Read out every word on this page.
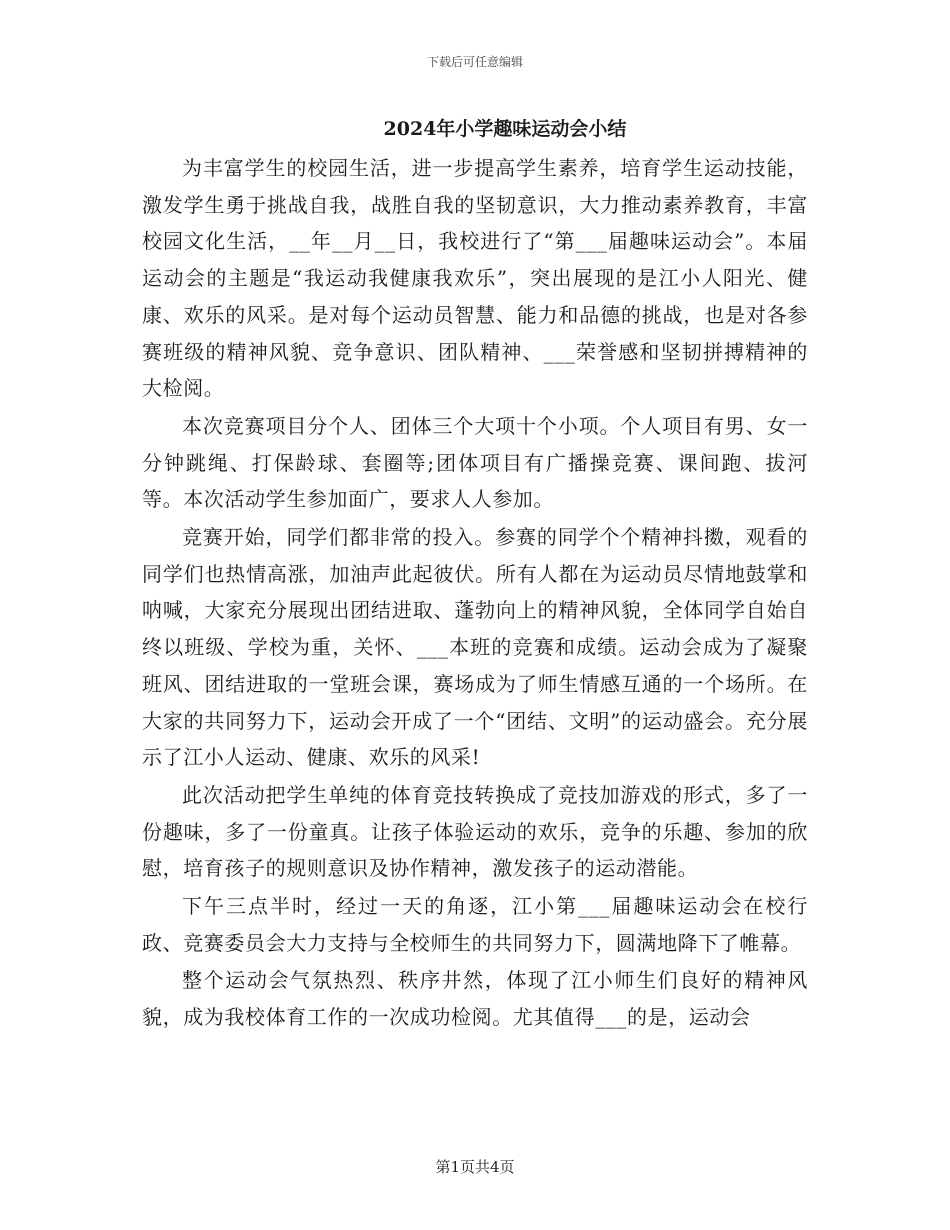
下载后可任意编辑
2024年小学趣味运动会小结

为丰富学生的校园生活，进一步提高学生素养，培育学生运动技能，激发学生勇于挑战自我，战胜自我的坚韧意识，大力推动素养教育，丰富校园文化生活，__年__月__日，我校进行了“第___届趣味运动会”。本届运动会的主题是“我运动我健康我欢乐”，突出展现的是江小人阳光、健康、欢乐的风采。是对每个运动员智慧、能力和品德的挑战，也是对各参赛班级的精神风貌、竞争意识、团队精神、___荣誉感和坚韧拼搏精神的大检阅。

本次竞赛项目分个人、团体三个大项十个小项。个人项目有男、女一分钟跳绳、打保龄球、套圈等;团体项目有广播操竞赛、课间跑、拔河等。本次活动学生参加面广，要求人人参加。

竞赛开始，同学们都非常的投入。参赛的同学个个精神抖擞，观看的同学们也热情高涨，加油声此起彼伏。所有人都在为运动员尽情地鼓掌和呐喊，大家充分展现出团结进取、蓬勃向上的精神风貌，全体同学自始自终以班级、学校为重，关怀、___本班的竞赛和成绩。运动会成为了凝聚班风、团结进取的一堂班会课，赛场成为了师生情感互通的一个场所。在大家的共同努力下，运动会开成了一个“团结、文明”的运动盛会。充分展示了江小人运动、健康、欢乐的风采!

此次活动把学生单纯的体育竞技转换成了竞技加游戏的形式，多了一份趣味，多了一份童真。让孩子体验运动的欢乐，竞争的乐趣、参加的欣慰，培育孩子的规则意识及协作精神，激发孩子的运动潜能。

下午三点半时，经过一天的角逐，江小第___届趣味运动会在校行政、竞赛委员会大力支持与全校师生的共同努力下，圆满地降下了帷幕。

整个运动会气氛热烈、秩序井然，体现了江小师生们良好的精神风貌，成为我校体育工作的一次成功检阅。尤其值得___的是，运动会

第1页共4页
